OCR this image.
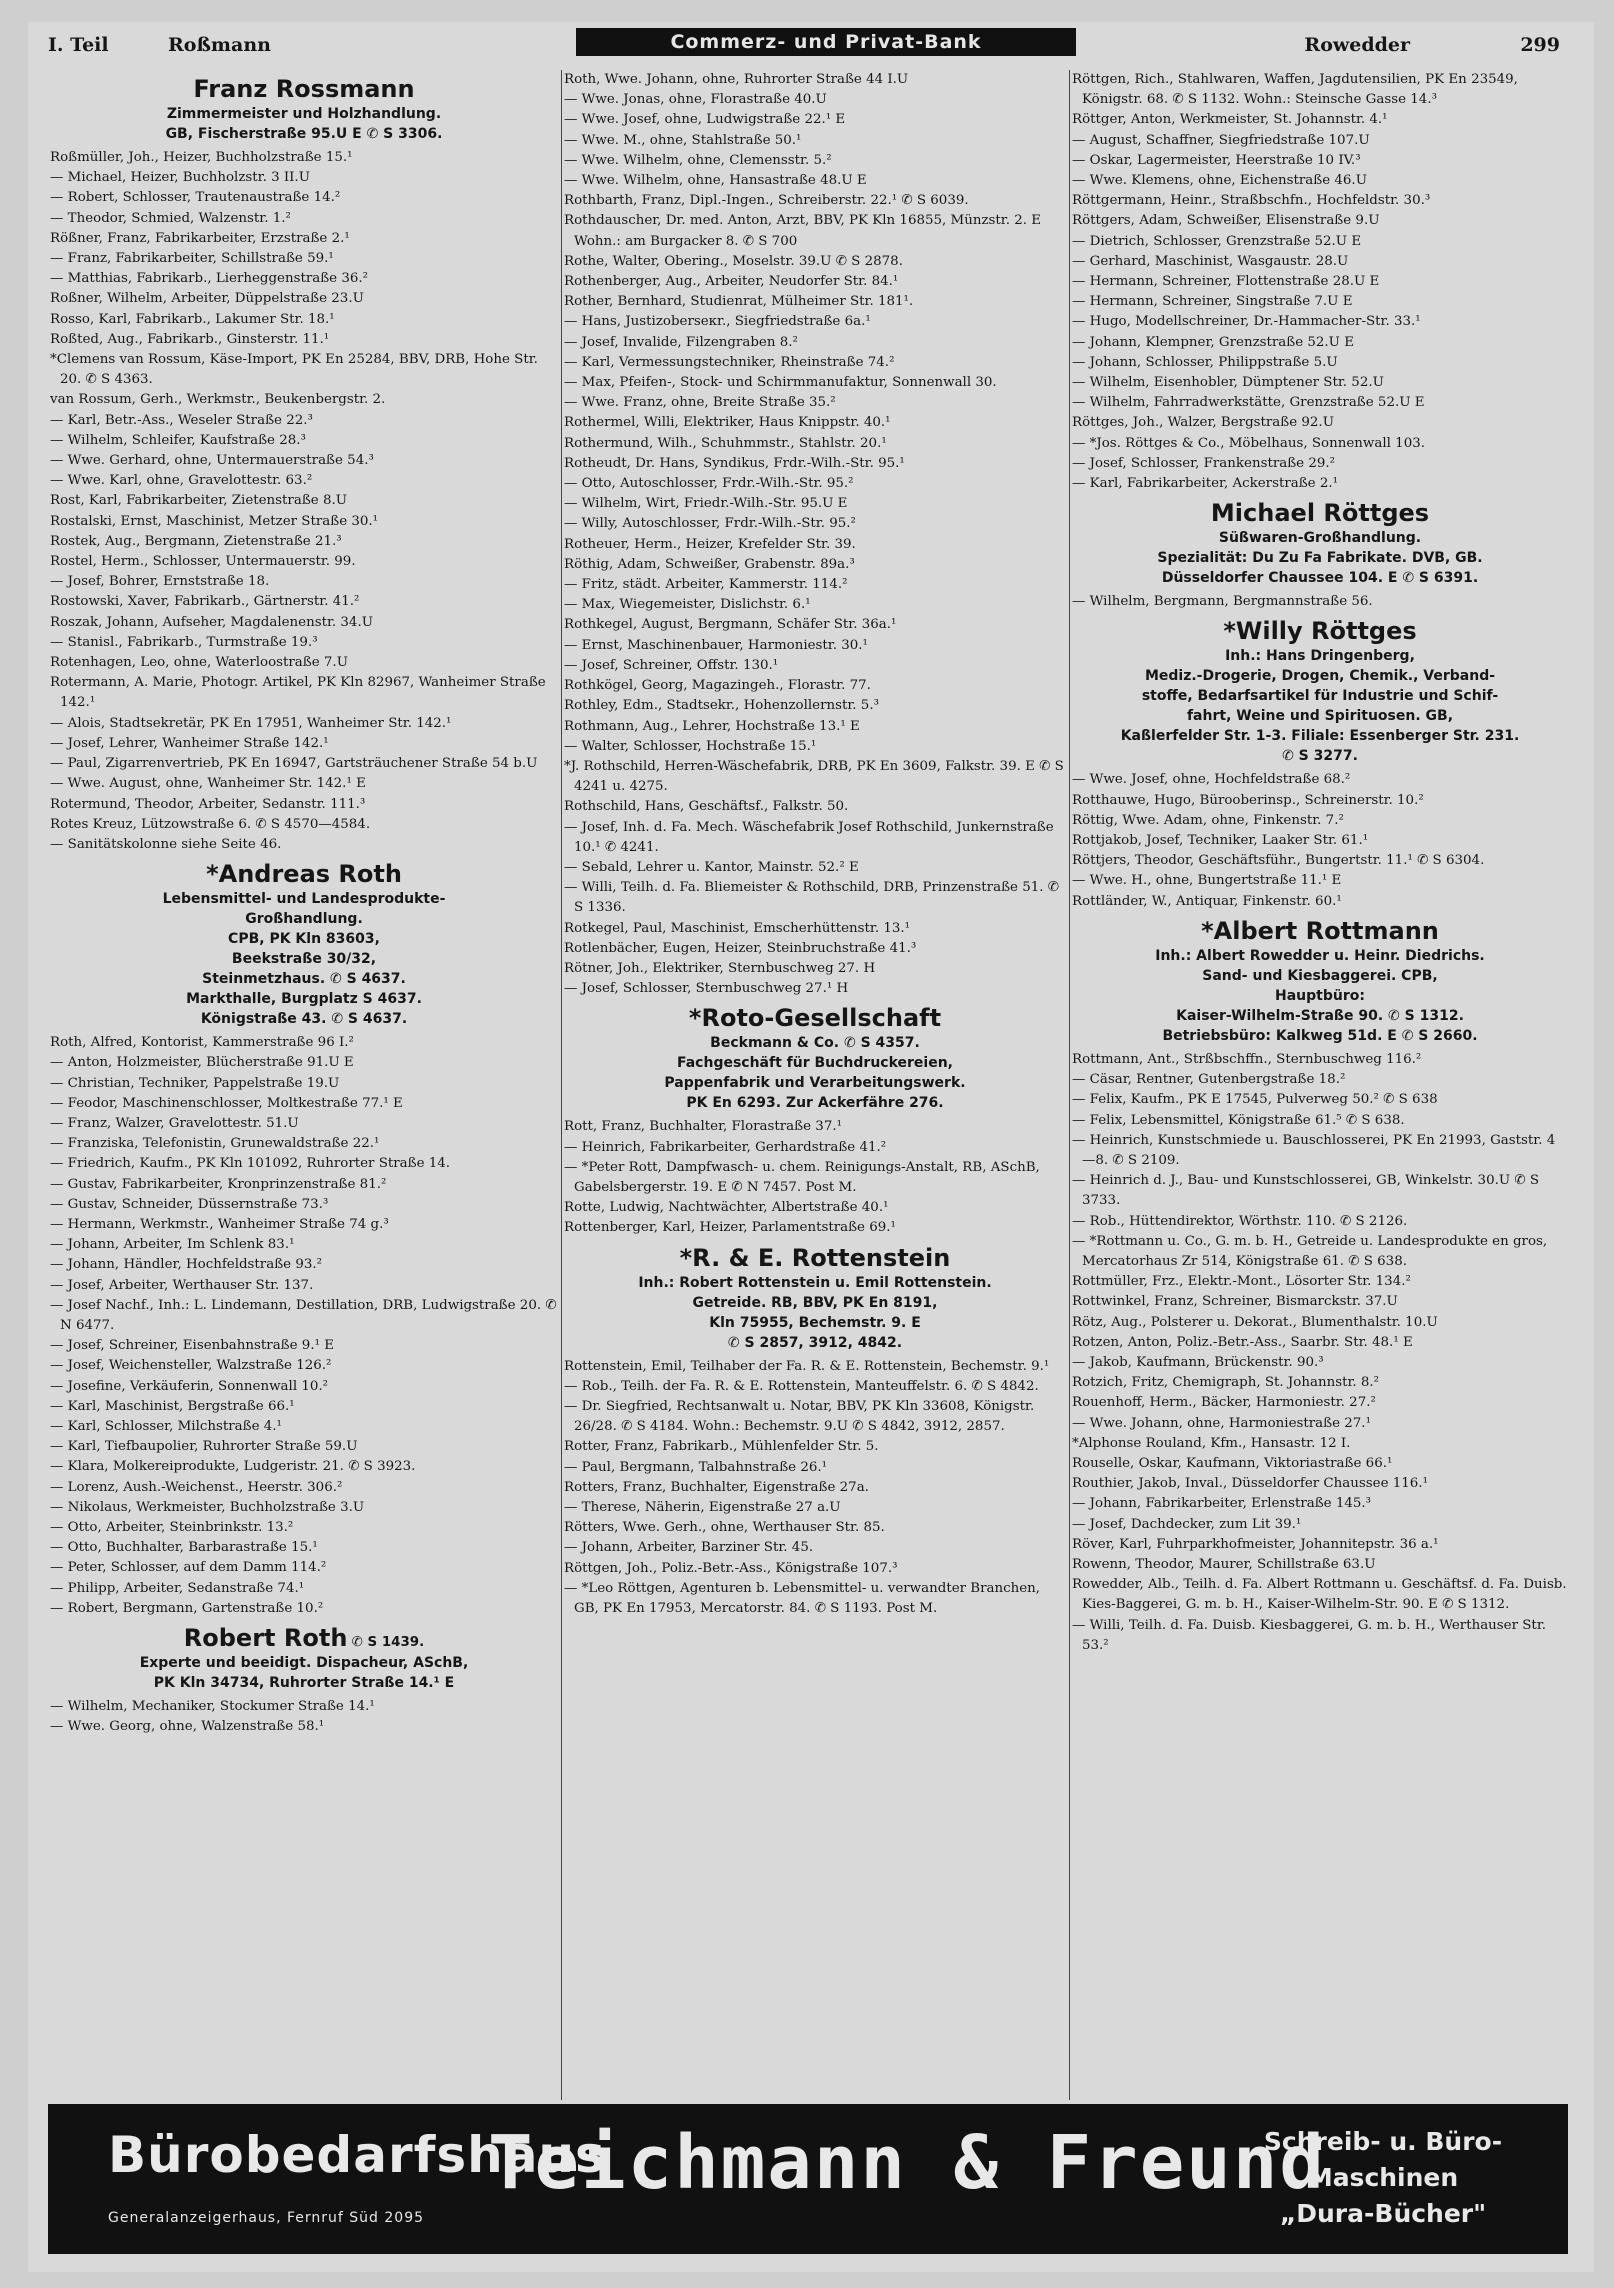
I. Teil	Roßmann	Commerz- und Privat-Bank	Rowedder	299
Franz Rossmann
Zimmermeister und Holzhandlung.
GB, Fischerstraße 95.U E ✆ S 3306.
Roßmüller, Joh., Heizer, Buchholzstraße 15.¹
— Michael, Heizer, Buchholzstr. 3 II.U
— Robert, Schlosser, Trautenaustraße 14.²
— Theodor, Schmied, Walzenstr. 1.²
Rößner, Franz, Fabrikarbeiter, Erzstraße 2.¹
— Franz, Fabrikarbeiter, Schillstraße 59.¹
— Matthias, Fabrikarb., Lierheggenstraße 36.²
Roßner, Wilhelm, Arbeiter, Düppelstraße 23.U
Rosso, Karl, Fabrikarb., Lakumer Str. 18.¹
Roßted, Aug., Fabrikarb., Ginsterstr. 11.¹
*Clemens van Rossum, Käse-Import, PK En 25284, BBV, DRB, Hohe Str. 20. ✆ S 4363.
van Rossum, Gerh., Werkmstr., Beukenbergstr. 2.
— Karl, Betr.-Ass., Weseler Straße 22.³
— Wilhelm, Schleifer, Kaufstraße 28.³
— Wwe. Gerhard, ohne, Untermauerstraße 54.³
— Wwe. Karl, ohne, Gravelottestr. 63.²
Rost, Karl, Fabrikarbeiter, Zietenstraße 8.U
Rostalski, Ernst, Maschinist, Metzer Straße 30.¹
Rostek, Aug., Bergmann, Zietenstraße 21.³
Rostel, Herm., Schlosser, Untermauerstr. 99.
— Josef, Bohrer, Ernststraße 18.
Rostowski, Xaver, Fabrikarb., Gärtnerstr. 41.²
Roszak, Johann, Aufseher, Magdalenenstr. 34.U
— Stanisl., Fabrikarb., Turmstraße 19.³
Rotenhagen, Leo, ohne, Waterloostraße 7.U
Rotermann, A. Marie, Photogr. Artikel, PK Kln 82967, Wanheimer Straße 142.¹
— Alois, Stadtsekretär, PK En 17951, Wanheimer Str. 142.¹
— Josef, Lehrer, Wanheimer Straße 142.¹
— Paul, Zigarrenvertrieb, PK En 16947, Gartsträuchener Straße 54 b.U
— Wwe. August, ohne, Wanheimer Str. 142.¹ E
Rotermund, Theodor, Arbeiter, Sedanstr. 111.³
Rotes Kreuz, Lützowstraße 6. ✆ S 4570—4584.
— Sanitätskolonne siehe Seite 46.
*Andreas Roth
Lebensmittel- und Landesprodukte-
Großhandlung.
CPB, PK Kln 83603,
Beekstraße 30/32,
Steinmetzhaus. ✆ S 4637.
Markthalle, Burgplatz S 4637.
Königstraße 43. ✆ S 4637.
Roth, Alfred, Kontorist, Kammerstraße 96 I.²
— Anton, Holzmeister, Blücherstraße 91.U E
— Christian, Techniker, Pappelstraße 19.U
— Feodor, Maschinenschlosser, Moltkestraße 77.¹ E
— Franz, Walzer, Gravelottestr. 51.U
— Franziska, Telefonistin, Grunewaldstraße 22.¹
— Friedrich, Kaufm., PK Kln 101092, Ruhrorter Straße 14.
— Gustav, Fabrikarbeiter, Kronprinzenstraße 81.²
— Gustav, Schneider, Düssernstraße 73.³
— Hermann, Werkmstr., Wanheimer Straße 74 g.³
— Johann, Arbeiter, Im Schlenk 83.¹
— Johann, Händler, Hochfeldstraße 93.²
— Josef, Arbeiter, Werthauser Str. 137.
— Josef Nachf., Inh.: L. Lindemann, Destillation, DRB, Ludwigstraße 20. ✆ N 6477.
— Josef, Schreiner, Eisenbahnstraße 9.¹ E
— Josef, Weichensteller, Walzstraße 126.²
— Josefine, Verkäuferin, Sonnenwall 10.²
— Karl, Maschinist, Bergstraße 66.¹
— Karl, Schlosser, Milchstraße 4.¹
— Karl, Tiefbaupolier, Ruhrorter Straße 59.U
— Klara, Molkereiprodukte, Ludgeristr. 21. ✆ S 3923.
— Lorenz, Aush.-Weichenst., Heerstr. 306.²
— Nikolaus, Werkmeister, Buchholzstraße 3.U
— Otto, Arbeiter, Steinbrinkstr. 13.²
— Otto, Buchhalter, Barbarastraße 15.¹
— Peter, Schlosser, auf dem Damm 114.²
— Philipp, Arbeiter, Sedanstraße 74.¹
— Robert, Bergmann, Gartenstraße 10.²
Robert Roth ✆ S 1439.
Experte und beeidigt. Dispacheur, ASchB,
PK Kln 34734, Ruhrorter Straße 14.¹ E
— Wilhelm, Mechaniker, Stockumer Straße 14.¹
— Wwe. Georg, ohne, Walzenstraße 58.¹
Roth, Wwe. Johann, ohne, Ruhrorter Straße 44 I.U
— Wwe. Jonas, ohne, Florastraße 40.U
— Wwe. Josef, ohne, Ludwigstraße 22.¹ E
— Wwe. M., ohne, Stahlstraße 50.¹
— Wwe. Wilhelm, ohne, Clemensstr. 5.²
— Wwe. Wilhelm, ohne, Hansastraße 48.U E
Rothbarth, Franz, Dipl.-Ingen., Schreiberstr. 22.¹ ✆ S 6039.
Rothdauscher, Dr. med. Anton, Arzt, BBV, PK Kln 16855, Münzstr. 2. E Wohn.: am Burgacker 8. ✆ S 700
Rothe, Walter, Obering., Moselstr. 39.U ✆ S 2878.
Rothenberger, Aug., Arbeiter, Neudorfer Str. 84.¹
Rother, Bernhard, Studienrat, Mülheimer Str. 181¹.
— Hans, Justizoberseкr., Siegfriedstraße 6a.¹
— Josef, Invalide, Filzengraben 8.²
— Karl, Vermessungstechniker, Rheinstraße 74.²
— Max, Pfeifen-, Stock- und Schirmmanufaktur, Sonnenwall 30.
— Wwe. Franz, ohne, Breite Straße 35.²
Rothermel, Willi, Elektriker, Haus Knippstr. 40.¹
Rothermund, Wilh., Schuhmmstr., Stahlstr. 20.¹
Rotheudt, Dr. Hans, Syndikus, Frdr.-Wilh.-Str. 95.¹
— Otto, Autoschlosser, Frdr.-Wilh.-Str. 95.²
— Wilhelm, Wirt, Friedr.-Wilh.-Str. 95.U E
— Willy, Autoschlosser, Frdr.-Wilh.-Str. 95.²
Rotheuer, Herm., Heizer, Krefelder Str. 39.
Röthig, Adam, Schweißer, Grabenstr. 89a.³
— Fritz, städt. Arbeiter, Kammerstr. 114.²
— Max, Wiegemeister, Dislichstr. 6.¹
Rothkegel, August, Bergmann, Schäfer Str. 36a.¹
— Ernst, Maschinenbauer, Harmoniestr. 30.¹
— Josef, Schreiner, Offstr. 130.¹
Rothkögel, Georg, Magazingeh., Florastr. 77.
Rothley, Edm., Stadtsekr., Hohenzollernstr. 5.³
Rothmann, Aug., Lehrer, Hochstraße 13.¹ E
— Walter, Schlosser, Hochstraße 15.¹
*J. Rothschild, Herren-Wäschefabrik, DRB, PK En 3609, Falkstr. 39. E ✆ S 4241 u. 4275.
Rothschild, Hans, Geschäftsf., Falkstr. 50.
— Josef, Inh. d. Fa. Mech. Wäschefabrik Josef Rothschild, Junkernstraße 10.¹ ✆ 4241.
— Sebald, Lehrer u. Kantor, Mainstr. 52.² E
— Willi, Teilh. d. Fa. Bliemeister & Rothschild, DRB, Prinzenstraße 51. ✆ S 1336.
Rotkegel, Paul, Maschinist, Emscherhüttenstr. 13.¹
Rotlenbächer, Eugen, Heizer, Steinbruchstraße 41.³
Rötner, Joh., Elektriker, Sternbuschweg 27. H
— Josef, Schlosser, Sternbuschweg 27.¹ H
*Roto-Gesellschaft
Beckmann & Co. ✆ S 4357.
Fachgeschäft für Buchdruckereien,
Pappenfabrik und Verarbeitungswerk.
PK En 6293. Zur Ackerfähre 276.
Rott, Franz, Buchhalter, Florastraße 37.¹
— Heinrich, Fabrikarbeiter, Gerhardstraße 41.²
— *Peter Rott, Dampfwasch- u. chem. Reinigungs-Anstalt, RB, ASchB, Gabelsbergerstr. 19. E ✆ N 7457. Post M.
Rotte, Ludwig, Nachtwächter, Albertstraße 40.¹
Rottenberger, Karl, Heizer, Parlamentstraße 69.¹
*R. & E. Rottenstein
Inh.: Robert Rottenstein u. Emil Rottenstein.
Getreide. RB, BBV, PK En 8191,
Kln 75955, Bechemstr. 9. E
✆ S 2857, 3912, 4842.
Rottenstein, Emil, Teilhaber der Fa. R. & E. Rottenstein, Bechemstr. 9.¹
— Rob., Teilh. der Fa. R. & E. Rottenstein, Manteuffelstr. 6. ✆ S 4842.
— Dr. Siegfried, Rechtsanwalt u. Notar, BBV, PK Kln 33608, Königstr. 26/28. ✆ S 4184. Wohn.: Bechemstr. 9.U ✆ S 4842, 3912, 2857.
Rotter, Franz, Fabrikarb., Mühlenfelder Str. 5.
— Paul, Bergmann, Talbahnstraße 26.¹
Rotters, Franz, Buchhalter, Eigenstraße 27a.
— Therese, Näherin, Eigenstraße 27 a.U
Rötters, Wwe. Gerh., ohne, Werthauser Str. 85.
— Johann, Arbeiter, Barziner Str. 45.
Röttgen, Joh., Poliz.-Betr.-Ass., Königstraße 107.³
— *Leo Röttgen, Agenturen b. Lebensmittel- u. verwandter Branchen, GB, PK En 17953, Mercatorstr. 84. ✆ S 1193. Post M.
Röttgen, Rich., Stahlwaren, Waffen, Jagdutensilien, PK En 23549, Königstr. 68. ✆ S 1132. Wohn.: Steinsche Gasse 14.³
Röttger, Anton, Werkmeister, St. Johannstr. 4.¹
— August, Schaffner, Siegfriedstraße 107.U
— Oskar, Lagermeister, Heerstraße 10 IV.³
— Wwe. Klemens, ohne, Eichenstraße 46.U
Röttgermann, Heinr., Straßbschfn., Hochfeldstr. 30.³
Röttgers, Adam, Schweißer, Elisenstraße 9.U
— Dietrich, Schlosser, Grenzstraße 52.U E
— Gerhard, Maschinist, Wasgaustr. 28.U
— Hermann, Schreiner, Flottenstraße 28.U E
— Hermann, Schreiner, Singstraße 7.U E
— Hugo, Modellschreiner, Dr.-Hammacher-Str. 33.¹
— Johann, Klempner, Grenzstraße 52.U E
— Johann, Schlosser, Philippstraße 5.U
— Wilhelm, Eisenhobler, Dümptener Str. 52.U
— Wilhelm, Fahrradwerkstätte, Grenzstraße 52.U E
Röttges, Joh., Walzer, Bergstraße 92.U
— *Jos. Röttges & Co., Möbelhaus, Sonnenwall 103.
— Josef, Schlosser, Frankenstraße 29.²
— Karl, Fabrikarbeiter, Ackerstraße 2.¹
Michael Röttges
Süßwaren-Großhandlung.
Spezialität: Du Zu Fa Fabrikate. DVB, GB.
Düsseldorfer Chaussee 104. E ✆ S 6391.
— Wilhelm, Bergmann, Bergmannstraße 56.
*Willy Röttges
Inh.: Hans Dringenberg,
Mediz.-Drogerie, Drogen, Chemik., Verband-
stoffe, Bedarfsartikel für Industrie und Schif-
fahrt, Weine und Spirituosen. GB,
Kaßlerfelder Str. 1-3. Filiale: Essenberger Str. 231.
✆ S 3277.
— Wwe. Josef, ohne, Hochfeldstraße 68.²
Rotthauwe, Hugo, Bürooberinsp., Schreinerstr. 10.²
Röttig, Wwe. Adam, ohne, Finkenstr. 7.²
Rottjakob, Josef, Techniker, Laaker Str. 61.¹
Röttjers, Theodor, Geschäftsführ., Bungertstr. 11.¹ ✆ S 6304.
— Wwe. H., ohne, Bungertstraße 11.¹ E
Rottländer, W., Antiquar, Finkenstr. 60.¹
*Albert Rottmann
Inh.: Albert Rowedder u. Heinr. Diedrichs.
Sand- und Kiesbaggerei. CPB,
Hauptbüro:
Kaiser-Wilhelm-Straße 90. ✆ S 1312.
Betriebsbüro: Kalkweg 51d. E ✆ S 2660.
Rottmann, Ant., Strßbschffn., Sternbuschweg 116.²
— Cäsar, Rentner, Gutenbergstraße 18.²
— Felix, Kaufm., PK E 17545, Pulverweg 50.² ✆ S 638
— Felix, Lebensmittel, Königstraße 61.⁵ ✆ S 638.
— Heinrich, Kunstschmiede u. Bauschlosserei, PK En 21993, Gaststr. 4—8. ✆ S 2109.
— Heinrich d. J., Bau- und Kunstschlosserei, GB, Winkelstr. 30.U ✆ S 3733.
— Rob., Hüttendirektor, Wörthstr. 110. ✆ S 2126.
— *Rottmann u. Co., G. m. b. H., Getreide u. Landesprodukte en gros, Mercatorhaus Zr 514, Königstraße 61. ✆ S 638.
Rottmüller, Frz., Elektr.-Mont., Lösorter Str. 134.²
Rottwinkel, Franz, Schreiner, Bismarckstr. 37.U
Rötz, Aug., Polsterer u. Dekorat., Blumenthalstr. 10.U
Rotzen, Anton, Poliz.-Betr.-Ass., Saarbr. Str. 48.¹ E
— Jakob, Kaufmann, Brückenstr. 90.³
Rotzich, Fritz, Chemigraph, St. Johannstr. 8.²
Rouenhoff, Herm., Bäcker, Harmoniestr. 27.²
— Wwe. Johann, ohne, Harmoniestraße 27.¹
*Alphonse Rouland, Kfm., Hansastr. 12 I.
Rouselle, Oskar, Kaufmann, Viktoriastraße 66.¹
Routhier, Jakob, Inval., Düsseldorfer Chaussee 116.¹
— Johann, Fabrikarbeiter, Erlenstraße 145.³
— Josef, Dachdecker, zum Lit 39.¹
Röver, Karl, Fuhrparkhofmeister, Johannitерstr. 36 a.¹
Rowenn, Theodor, Maurer, Schillstraße 63.U
Rowedder, Alb., Teilh. d. Fa. Albert Rottmann u. Geschäftsf. d. Fa. Duisb. Kies-Baggerei, G. m. b. H., Kaiser-Wilhelm-Str. 90. E ✆ S 1312.
— Willi, Teilh. d. Fa. Duisb. Kiesbaggerei, G. m. b. H., Werthauser Str. 53.²
Bürobedarfshaus
Generalanzeigerhaus, Fernruf Süd 2095
Teichmann & Freund
Schreib- u. Büro-
Maschinen
„Dura-Bücher"
